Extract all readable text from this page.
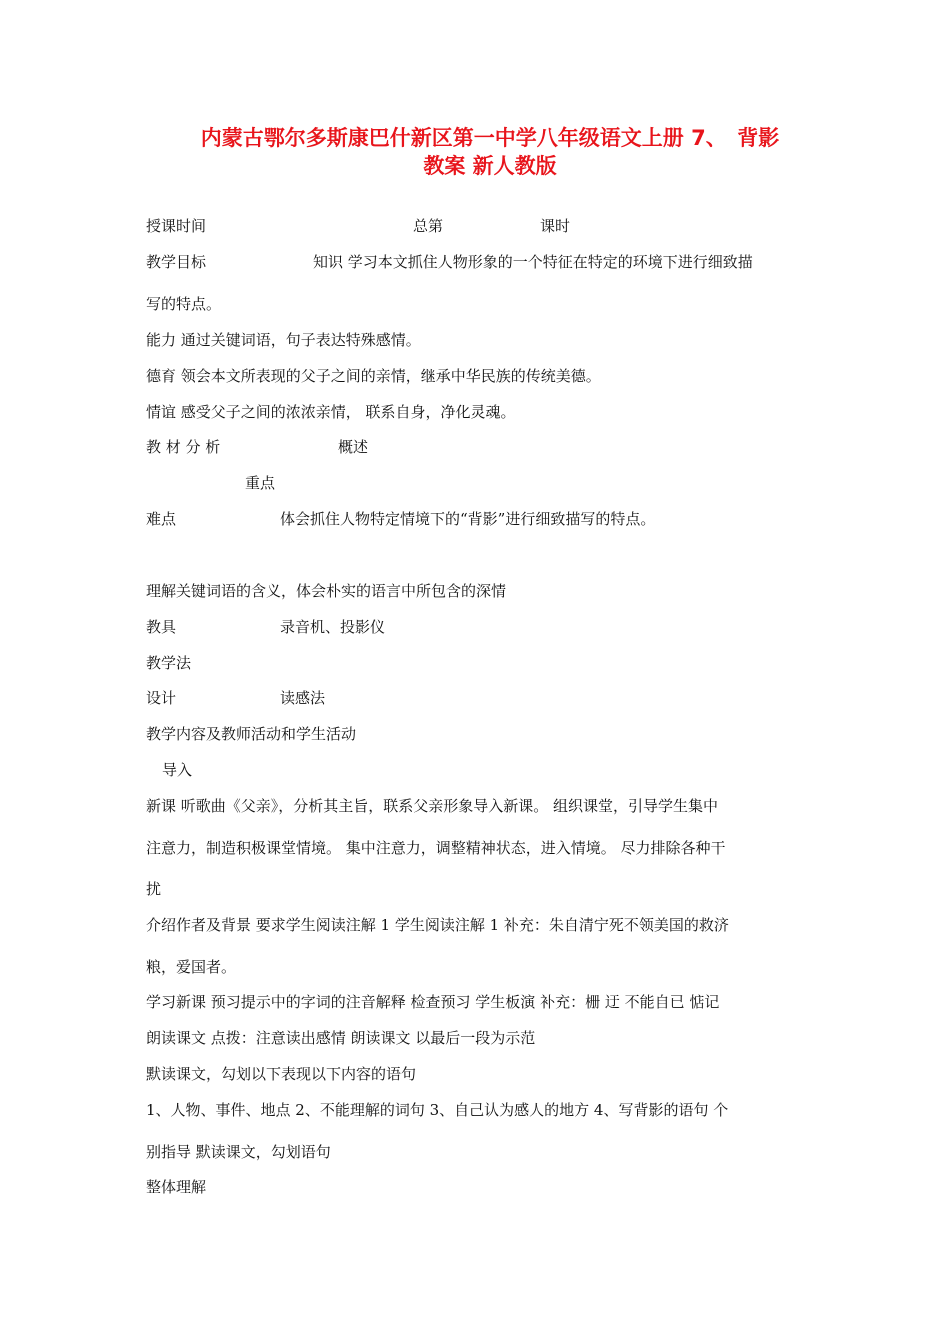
内蒙古鄂尔多斯康巴什新区第一中学八年级语文上册 7、　背影
教案 新人教版
授课时间	总第	课时
教学目标	知识 学习本文抓住人物形象的一个特征在特定的环境下进行细致描
写的特点。
能力 通过关键词语，句子表达特殊感情。
德育 领会本文所表现的父子之间的亲情，继承中华民族的传统美德。
情谊 感受父子之间的浓浓亲情， 联系自身，净化灵魂。
教 材 分 析	概述
重点
难点	体会抓住人物特定情境下的“背影”进行细致描写的特点。
理解关键词语的含义，体会朴实的语言中所包含的深情
教具	录音机、投影仪
教学法
设计	读感法
教学内容及教师活动和学生活动
导入
新课 听歌曲《父亲》，分析其主旨，联系父亲形象导入新课。 组织课堂，引导学生集中
注意力，制造积极课堂情境。 集中注意力，调整精神状态，进入情境。 尽力排除各种干
扰
介绍作者及背景 要求学生阅读注解 1 学生阅读注解 1 补充：朱自清宁死不领美国的救济
粮，爱国者。
学习新课 预习提示中的字词的注音解释 检查预习 学生板演 补充：栅 迂 不能自已 惦记
朗读课文 点拨：注意读出感情 朗读课文 以最后一段为示范
默读课文，勾划以下表现以下内容的语句
1、人物、事件、地点 2、不能理解的词句 3、自己认为感人的地方 4、写背影的语句 个
别指导 默读课文，勾划语句
整体理解
